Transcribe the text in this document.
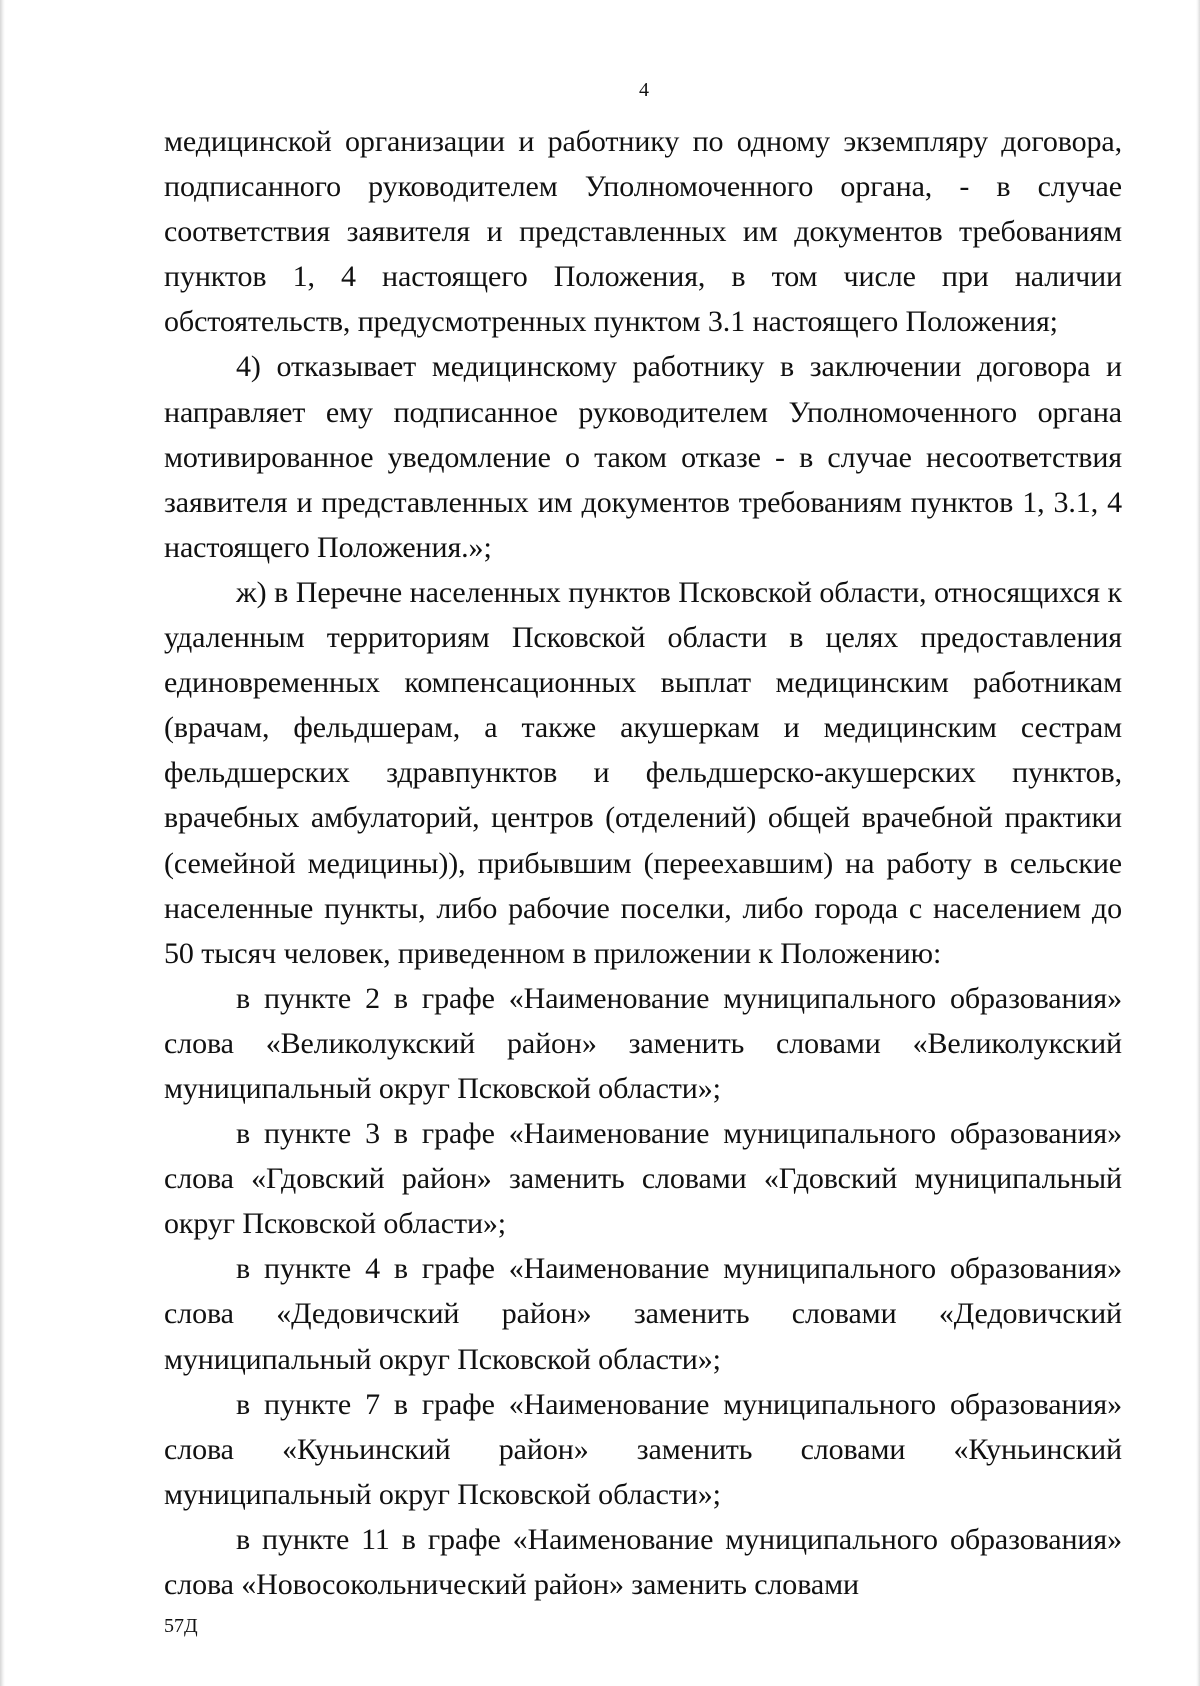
4

медицинской организации и работнику по одному экземпляру договора, подписанного руководителем Уполномоченного органа, - в случае соответствия заявителя и представленных им документов требованиям пунктов 1, 4 настоящего Положения, в том числе при наличии обстоятельств, предусмотренных пунктом 3.1 настоящего Положения;

4) отказывает медицинскому работнику в заключении договора и направляет ему подписанное руководителем Уполномоченного органа мотивированное уведомление о таком отказе - в случае несоответствия заявителя и представленных им документов требованиям пунктов 1, 3.1, 4 настоящего Положения.»;

ж) в Перечне населенных пунктов Псковской области, относящихся к удаленным территориям Псковской области в целях предоставления единовременных компенсационных выплат медицинским работникам (врачам, фельдшерам, а также акушеркам и медицинским сестрам фельдшерских здравпунктов и фельдшерско-акушерских пунктов, врачебных амбулаторий, центров (отделений) общей врачебной практики (семейной медицины)), прибывшим (переехавшим) на работу в сельские населенные пункты, либо рабочие поселки, либо города с населением до 50 тысяч человек, приведенном в приложении к Положению:

в пункте 2 в графе «Наименование муниципального образования» слова «Великолукский район» заменить словами «Великолукский муниципальный округ Псковской области»;

в пункте 3 в графе «Наименование муниципального образования» слова «Гдовский район» заменить словами «Гдовский муниципальный округ Псковской области»;

в пункте 4 в графе «Наименование муниципального образования» слова «Дедовичский район» заменить словами «Дедовичский муниципальный округ Псковской области»;

в пункте 7 в графе «Наименование муниципального образования» слова «Куньинский район» заменить словами «Куньинский муниципальный округ Псковской области»;

в пункте 11 в графе «Наименование муниципального образования» слова «Новосокольнический район» заменить словами

57Д
